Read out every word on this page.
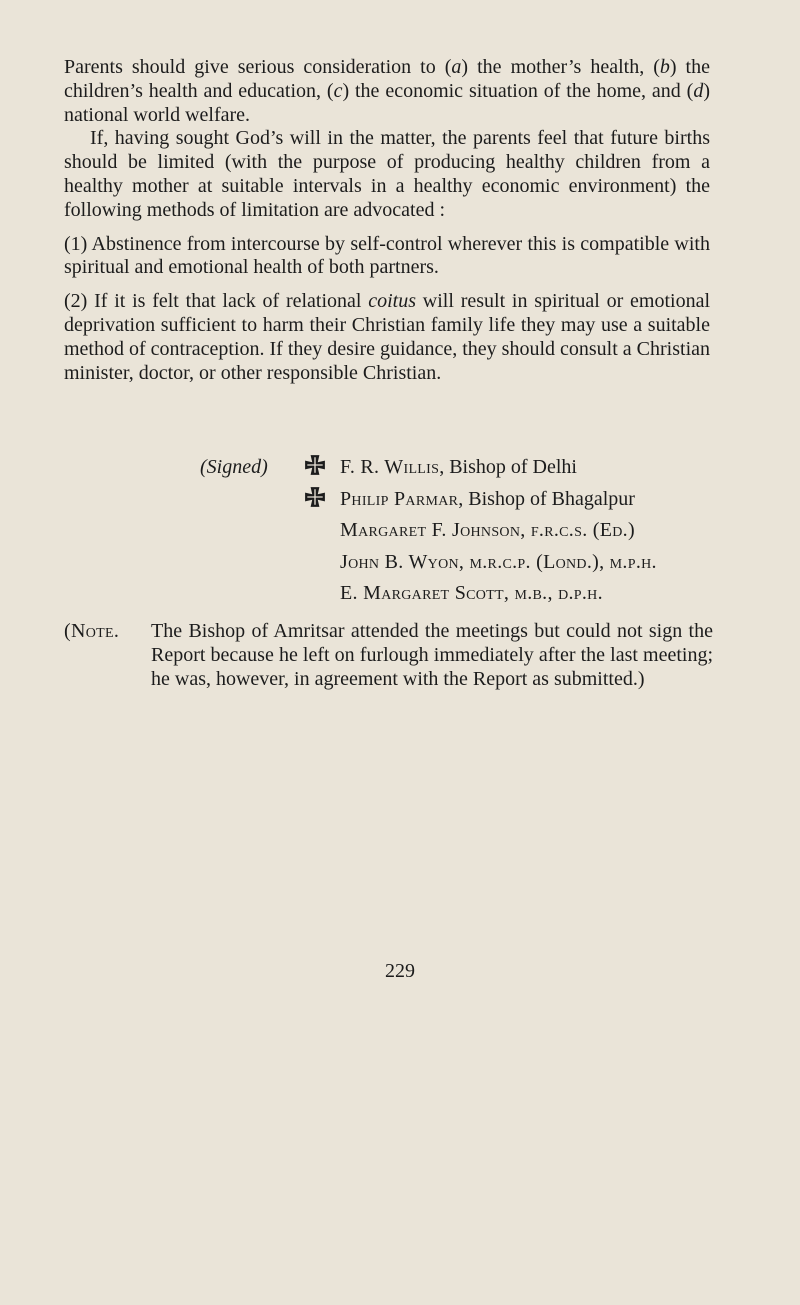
Parents should give serious consideration to (a) the mother’s health, (b) the children’s health and education, (c) the economic situation of the home, and (d) national world welfare.

If, having sought God’s will in the matter, the parents feel that future births should be limited (with the purpose of producing healthy children from a healthy mother at suitable intervals in a healthy economic environment) the following methods of limitation are advocated :

(1) Abstinence from intercourse by self-control wherever this is compatible with spiritual and emotional health of both partners.

(2) If it is felt that lack of relational coitus will result in spiritual or emotional deprivation sufficient to harm their Christian family life they may use a suitable method of contraception. If they desire guidance, they should consult a Christian minister, doctor, or other responsible Christian.

(Signed)	F. R. Willis, Bishop of Delhi
Philip Parmar, Bishop of Bhagalpur
Margaret F. Johnson, f.r.c.s. (Ed.)
John B. Wyon, m.r.c.p. (Lond.), m.p.h.
E. Margaret Scott, m.b., d.p.h.
(Note. The Bishop of Amritsar attended the meetings but could not sign the Report because he left on furlough immediately after the last meeting; he was, however, in agreement with the Report as submitted.)
229
